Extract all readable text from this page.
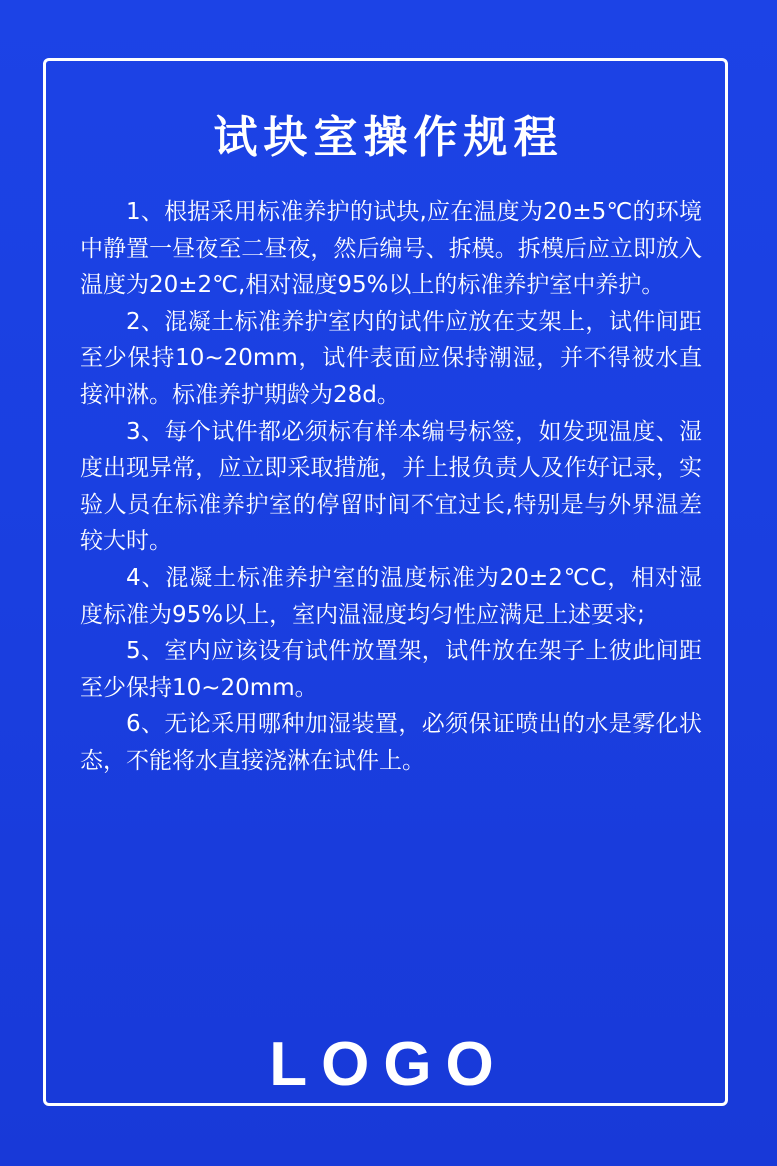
试块室操作规程
1、根据采用标准养护的试块,应在温度为20±5℃的环境中静置一昼夜至二昼夜，然后编号、拆模。拆模后应立即放入温度为20±2℃,相对湿度95%以上的标准养护室中养护。
2、混凝土标准养护室内的试件应放在支架上，试件间距至少保持10~20mm，试件表面应保持潮湿，并不得被水直接冲淋。标准养护期龄为28d。
3、每个试件都必须标有样本编号标签，如发现温度、湿度出现异常，应立即采取措施，并上报负责人及作好记录，实验人员在标准养护室的停留时间不宜过长,特别是与外界温差较大时。
4、混凝土标准养护室的温度标准为20±2℃C，相对湿度标准为95%以上，室内温湿度均匀性应满足上述要求;
5、室内应该设有试件放置架，试件放在架子上彼此间距至少保持10~20mm。
6、无论采用哪种加湿装置，必须保证喷出的水是雾化状态，不能将水直接浇淋在试件上。
LOGO
